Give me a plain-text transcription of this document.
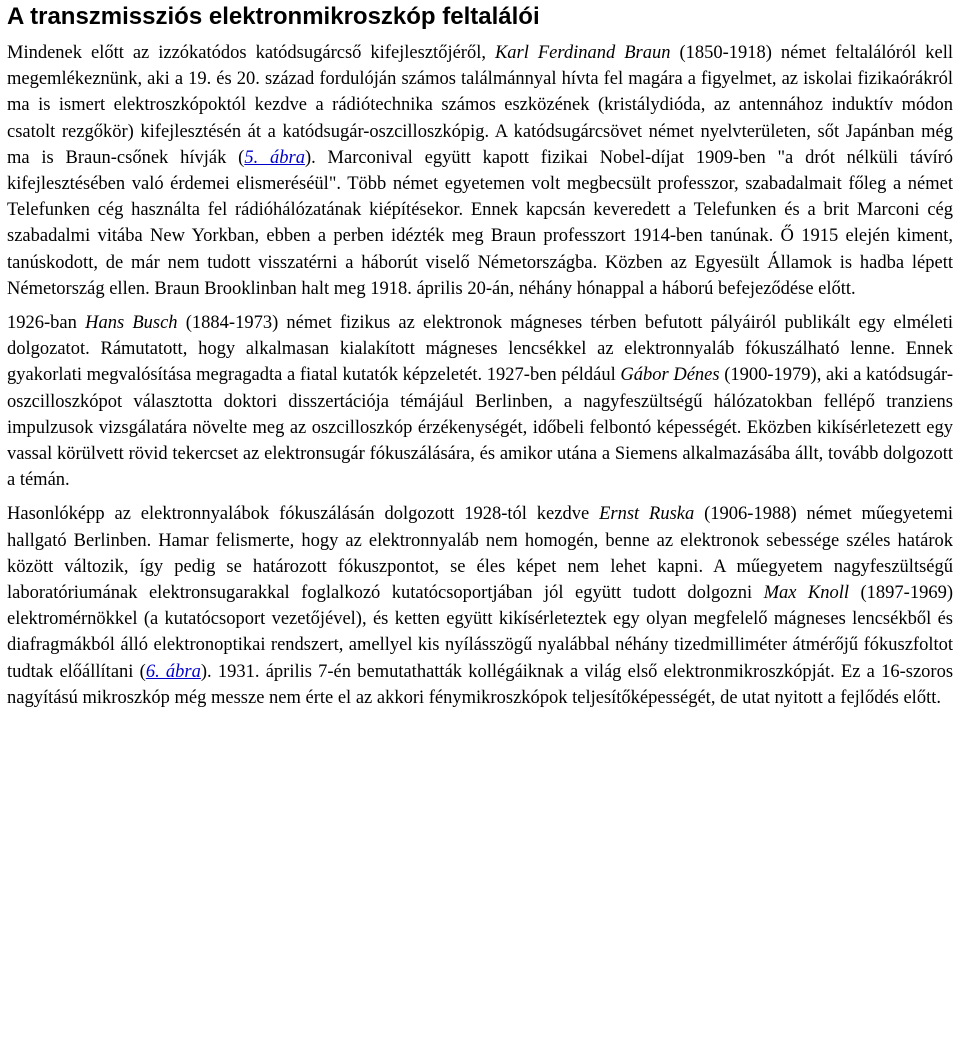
A transzmissziós elektronmikroszkóp feltalálói

Mindenek előtt az izzókatódos katódsugárcső kifejlesztőjéről, Karl Ferdinand Braun (1850-1918) német feltalálóról kell megemlékeznünk, aki a 19. és 20. század fordulóján számos találmánnyal hívta fel magára a figyelmet, az iskolai fizikaórákról ma is ismert elektroszkópoktól kezdve a rádiótechnika számos eszközének (kristálydióda, az antennához induktív módon csatolt rezgőkör) kifejlesztésén át a katódsugár-oszcilloszkópig. A katódsugárcsövet német nyelvterületen, sőt Japánban még ma is Braun-csőnek hívják (5. ábra). Marconival együtt kapott fizikai Nobel-díjat 1909-ben "a drót nélküli távíró kifejlesztésében való érdemei elismeréséül". Több német egyetemen volt megbecsült professzor, szabadalmait főleg a német Telefunken cég használta fel rádióhálózatának kiépítésekor. Ennek kapcsán keveredett a Telefunken és a brit Marconi cég szabadalmi vitába New Yorkban, ebben a perben idézték meg Braun professzort 1914-ben tanúnak. Ő 1915 elején kiment, tanúskodott, de már nem tudott visszatérni a háborút viselő Németországba. Közben az Egyesült Államok is hadba lépett Németország ellen. Braun Brooklinban halt meg 1918. április 20-án, néhány hónappal a háború befejeződése előtt.

1926-ban Hans Busch (1884-1973) német fizikus az elektronok mágneses térben befutott pályáiról publikált egy elméleti dolgozatot. Rámutatott, hogy alkalmasan kialakított mágneses lencsékkel az elektronnyaláb fókuszálható lenne. Ennek gyakorlati megvalósítása megragadta a fiatal kutatók képzeletét. 1927-ben például Gábor Dénes (1900-1979), aki a katódsugár-oszcilloszkópot választotta doktori disszertációja témájául Berlinben, a nagyfeszültségű hálózatokban fellépő tranziens impulzusok vizsgálatára növelte meg az oszcilloszkóp érzékenységét, időbeli felbontó képességét. Eközben kikísérletezett egy vassal körülvett rövid tekercset az elektronsugár fókuszálására, és amikor utána a Siemens alkalmazásába állt, tovább dolgozott a témán.

Hasonlóképp az elektronnyalábok fókuszálásán dolgozott 1928-tól kezdve Ernst Ruska (1906-1988) német műegyetemi hallgató Berlinben. Hamar felismerte, hogy az elektronnyaláb nem homogén, benne az elektronok sebessége széles határok között változik, így pedig se határozott fókuszpontot, se éles képet nem lehet kapni. A műegyetem nagyfeszültségű laboratóriumának elektronsugarakkal foglalkozó kutatócsoportjában jól együtt tudott dolgozni Max Knoll (1897-1969) elektromérnökkel (a kutatócsoport vezetőjével), és ketten együtt kikísérleteztek egy olyan megfelelő mágneses lencsékből és diafragmákból álló elektronoptikai rendszert, amellyel kis nyílásszögű nyalábbal néhány tizedmilliméter átmérőjű fókuszfoltot tudtak előállítani (6. ábra). 1931. április 7-én bemutathatták kollégáiknak a világ első elektronmikroszkópját. Ez a 16-szoros nagyítású mikroszkóp még messze nem érte el az akkori fénymikroszkópok teljesítőképességét, de utat nyitott a fejlődés előtt.
